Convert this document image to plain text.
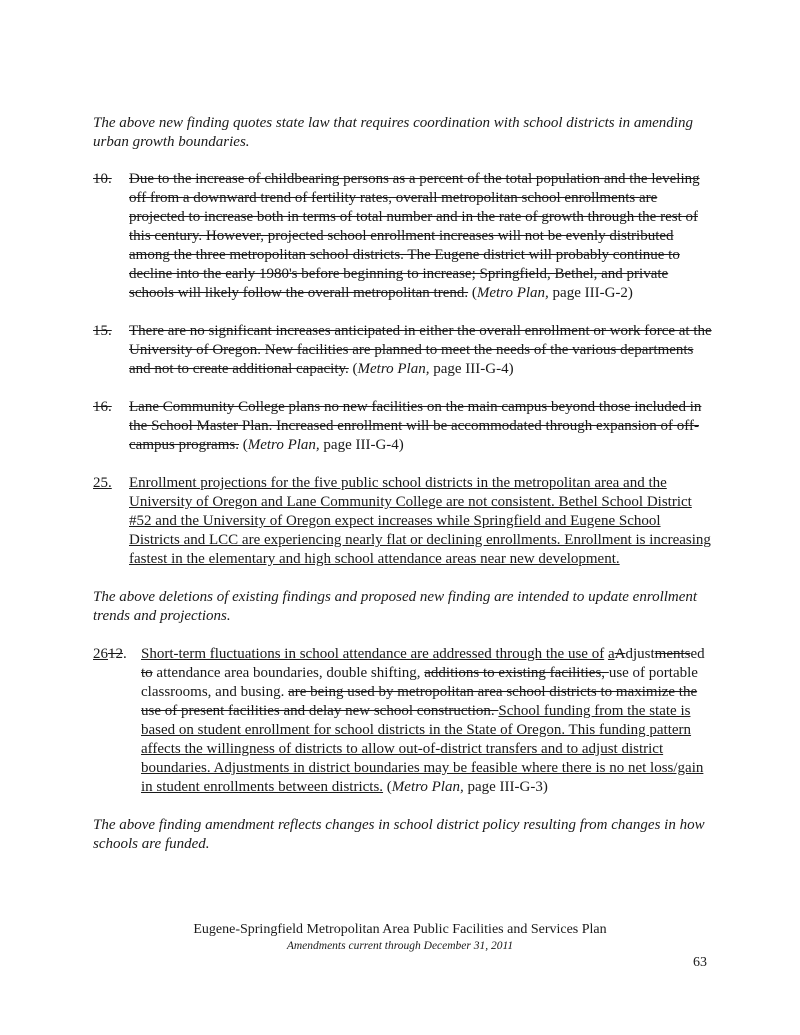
The above new finding quotes state law that requires coordination with school districts in amending urban growth boundaries.

10. Due to the increase of childbearing persons as a percent of the total population and the leveling off from a downward trend of fertility rates, overall metropolitan school enrollments are projected to increase both in terms of total number and in the rate of growth through the rest of this century. However, projected school enrollment increases will not be evenly distributed among the three metropolitan school districts. The Eugene district will probably continue to decline into the early 1980's before beginning to increase; Springfield, Bethel, and private schools will likely follow the overall metropolitan trend. (Metro Plan, page III-G-2)
15. There are no significant increases anticipated in either the overall enrollment or work force at the University of Oregon. New facilities are planned to meet the needs of the various departments and not to create additional capacity. (Metro Plan, page III-G-4)
16. Lane Community College plans no new facilities on the main campus beyond those included in the School Master Plan. Increased enrollment will be accommodated through expansion of off-campus programs. (Metro Plan, page III-G-4)
25. Enrollment projections for the five public school districts in the metropolitan area and the University of Oregon and Lane Community College are not consistent. Bethel School District #52 and the University of Oregon expect increases while Springfield and Eugene School Districts and LCC are experiencing nearly flat or declining enrollments. Enrollment is increasing fastest in the elementary and high school attendance areas near new development.

The above deletions of existing findings and proposed new finding are intended to update enrollment trends and projections.

2612. Short-term fluctuations in school attendance are addressed through the use of aAdjustmentsed to attendance area boundaries, double shifting, additions to existing facilities, use of portable classrooms, and busing. are being used by metropolitan area school districts to maximize the use of present facilities and delay new school construction. School funding from the state is based on student enrollment for school districts in the State of Oregon. This funding pattern affects the willingness of districts to allow out-of-district transfers and to adjust district boundaries. Adjustments in district boundaries may be feasible where there is no net loss/gain in student enrollments between districts. (Metro Plan, page III-G-3)

The above finding amendment reflects changes in school district policy resulting from changes in how schools are funded.

Eugene-Springfield Metropolitan Area Public Facilities and Services Plan
Amendments current through December 31, 2011
63
